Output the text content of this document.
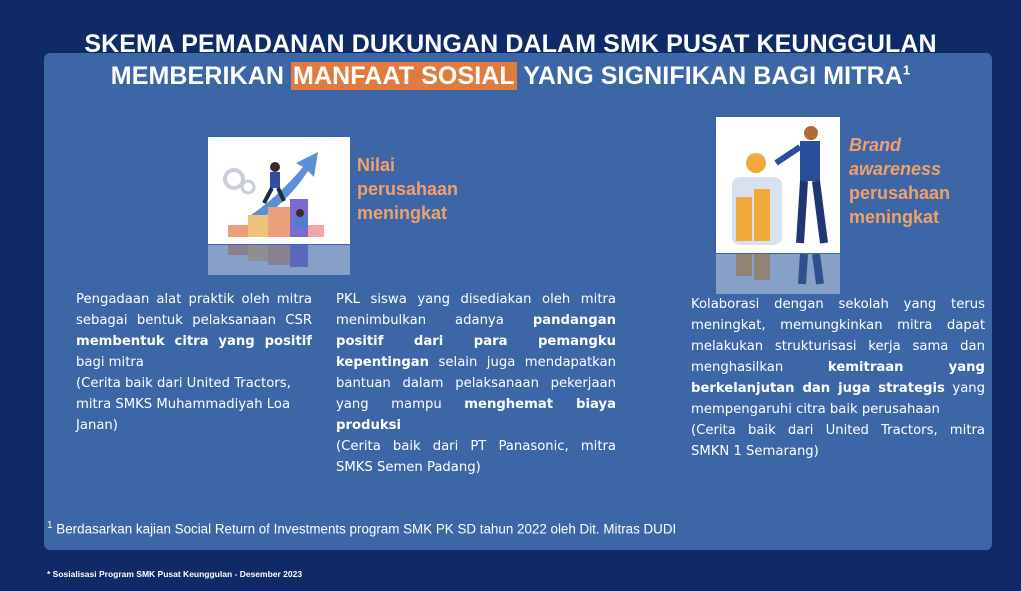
SKEMA PEMADANAN DUKUNGAN DALAM SMK PUSAT KEUNGGULAN
MEMBERIKAN MANFAAT SOSIAL YANG SIGNIFIKAN BAGI MITRA$^1$
Nilai perusahaan meningkat
Brand awareness perusahaan meningkat
Pengadaan alat praktik oleh mitra sebagai bentuk pelaksanaan CSR membentuk citra yang positif bagi mitra
(Cerita baik dari United Tractors, mitra SMKS Muhammadiyah Loa Janan)
PKL siswa yang disediakan oleh mitra menimbulkan adanya pandangan positif dari para pemangku kepentingan selain juga mendapatkan bantuan dalam pelaksanaan pekerjaan yang mampu menghemat biaya produksi
(Cerita baik dari PT Panasonic, mitra SMKS Semen Padang)
Kolaborasi dengan sekolah yang terus meningkat, memungkinkan mitra dapat melakukan strukturisasi kerja sama dan menghasilkan kemitraan yang berkelanjutan dan juga strategis yang mempengaruhi citra baik perusahaan
(Cerita baik dari United Tractors, mitra SMKN 1 Semarang)
$^1$ Berdasarkan kajian Social Return of Investments program SMK PK SD tahun 2022 oleh Dit. Mitras DUDI
* Sosialisasi Program SMK Pusat Keunggulan - Desember 2023
